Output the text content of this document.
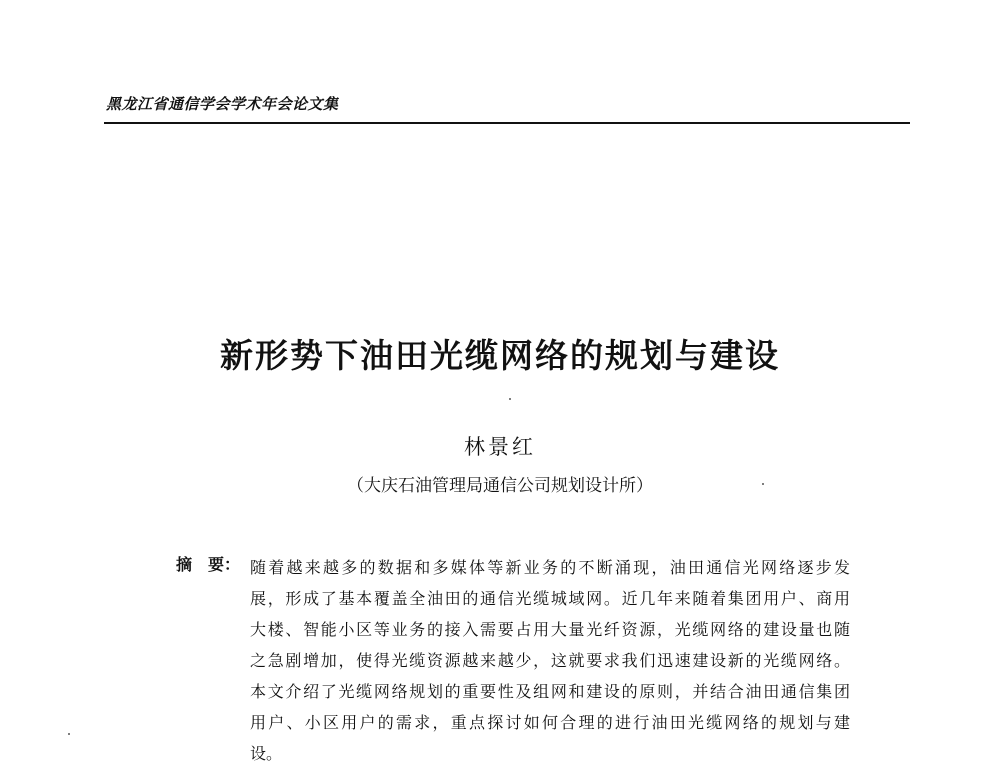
黑龙江省通信学会学术年会论文集
新形势下油田光缆网络的规划与建设
林景红
（大庆石油管理局通信公司规划设计所）
摘　要： 随着越来越多的数据和多媒体等新业务的不断涌现，油田通信光网络逐步发
展，形成了基本覆盖全油田的通信光缆城域网。近几年来随着集团用户、商用
大楼、智能小区等业务的接入需要占用大量光纤资源，光缆网络的建设量也随
之急剧增加，使得光缆资源越来越少，这就要求我们迅速建设新的光缆网络。
本文介绍了光缆网络规划的重要性及组网和建设的原则，并结合油田通信集团
用户、小区用户的需求，重点探讨如何合理的进行油田光缆网络的规划与建
设。
